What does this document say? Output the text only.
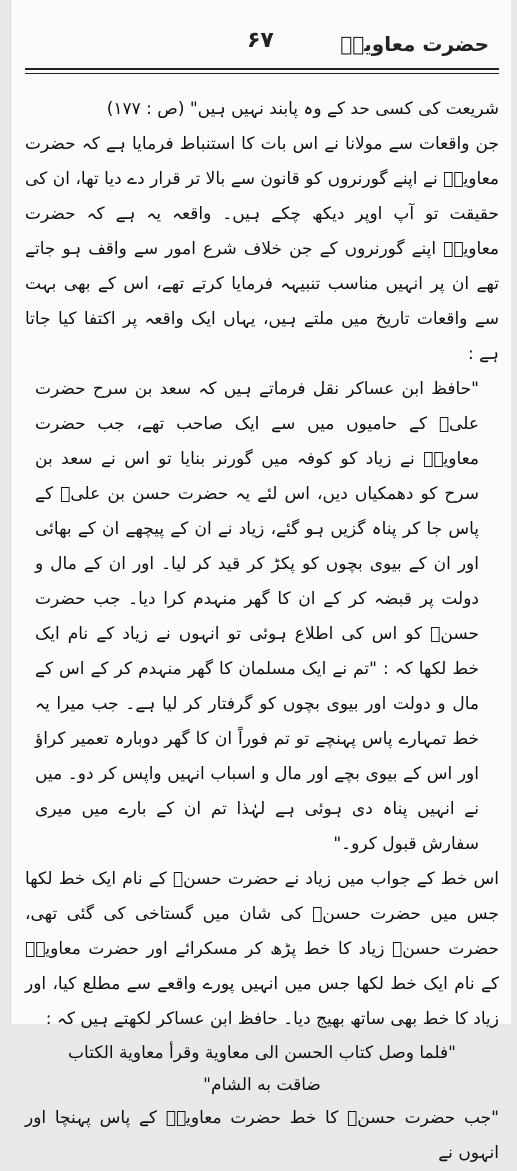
۶۷	حضرت معاویہؓ

شریعت کی کسی حد کے وہ پابند نہیں ہیں" (ص : ۱۷۷)

جن واقعات سے مولانا نے اس بات کا استنباط فرمایا ہے کہ حضرت معاویہؓ نے اپنے گورنروں کو قانون سے بالا تر قرار دے دیا تھا، ان کی حقیقت تو آپ اوپر دیکھ چکے ہیں۔ واقعہ یہ ہے کہ حضرت معاویہؓ اپنے گورنروں کے جن خلاف شرع امور سے واقف ہو جاتے تھے ان پر انہیں مناسب تنبیہہ فرمایا کرتے تھے، اس کے بھی بہت سے واقعات تاریخ میں ملتے ہیں، یہاں ایک واقعہ پر اکتفا کیا جاتا ہے :

"حافظ ابن عساکر نقل فرماتے ہیں کہ سعد بن سرح حضرت علیؓ کے حامیوں میں سے ایک صاحب تھے، جب حضرت معاویہؓ نے زیاد کو کوفہ میں گورنر بنایا تو اس نے سعد بن سرح کو دھمکیاں دیں، اس لئے یہ حضرت حسن بن علیؓ کے پاس جا کر پناہ گزیں ہو گئے، زیاد نے ان کے پیچھے ان کے بھائی اور ان کے بیوی بچوں کو پکڑ کر قید کر لیا۔ اور ان کے مال و دولت پر قبضہ کر کے ان کا گھر منہدم کرا دیا۔ جب حضرت حسنؓ کو اس کی اطلاع ہوئی تو انہوں نے زیاد کے نام ایک خط لکھا کہ : "تم نے ایک مسلمان کا گھر منہدم کر کے اس کے مال و دولت اور بیوی بچوں کو گرفتار کر لیا ہے۔ جب میرا یہ خط تمہارے پاس پہنچے تو تم فوراً ان کا گھر دوبارہ تعمیر کراؤ اور اس کے بیوی بچے اور مال و اسباب انہیں واپس کر دو۔ میں نے انہیں پناہ دی ہوئی ہے لہٰذا تم ان کے بارے میں میری سفارش قبول کرو۔"

اس خط کے جواب میں زیاد نے حضرت حسنؓ کے نام ایک خط لکھا جس میں حضرت حسنؓ کی شان میں گستاخی کی گئی تھی، حضرت حسنؓ زیاد کا خط پڑھ کر مسکرائے اور حضرت معاویہؓ کے نام ایک خط لکھا جس میں انہیں پورے واقعے سے مطلع کیا، اور زیاد کا خط بھی ساتھ بھیج دیا۔ حافظ ابن عساکر لکھتے ہیں کہ :

"فلما وصل كتاب الحسن الى معاوية وقرأ معاوية الكتاب

ضاقت به الشام"

"جب حضرت حسنؓ کا خط حضرت معاویہؓ کے پاس پہنچا اور انہوں نے
